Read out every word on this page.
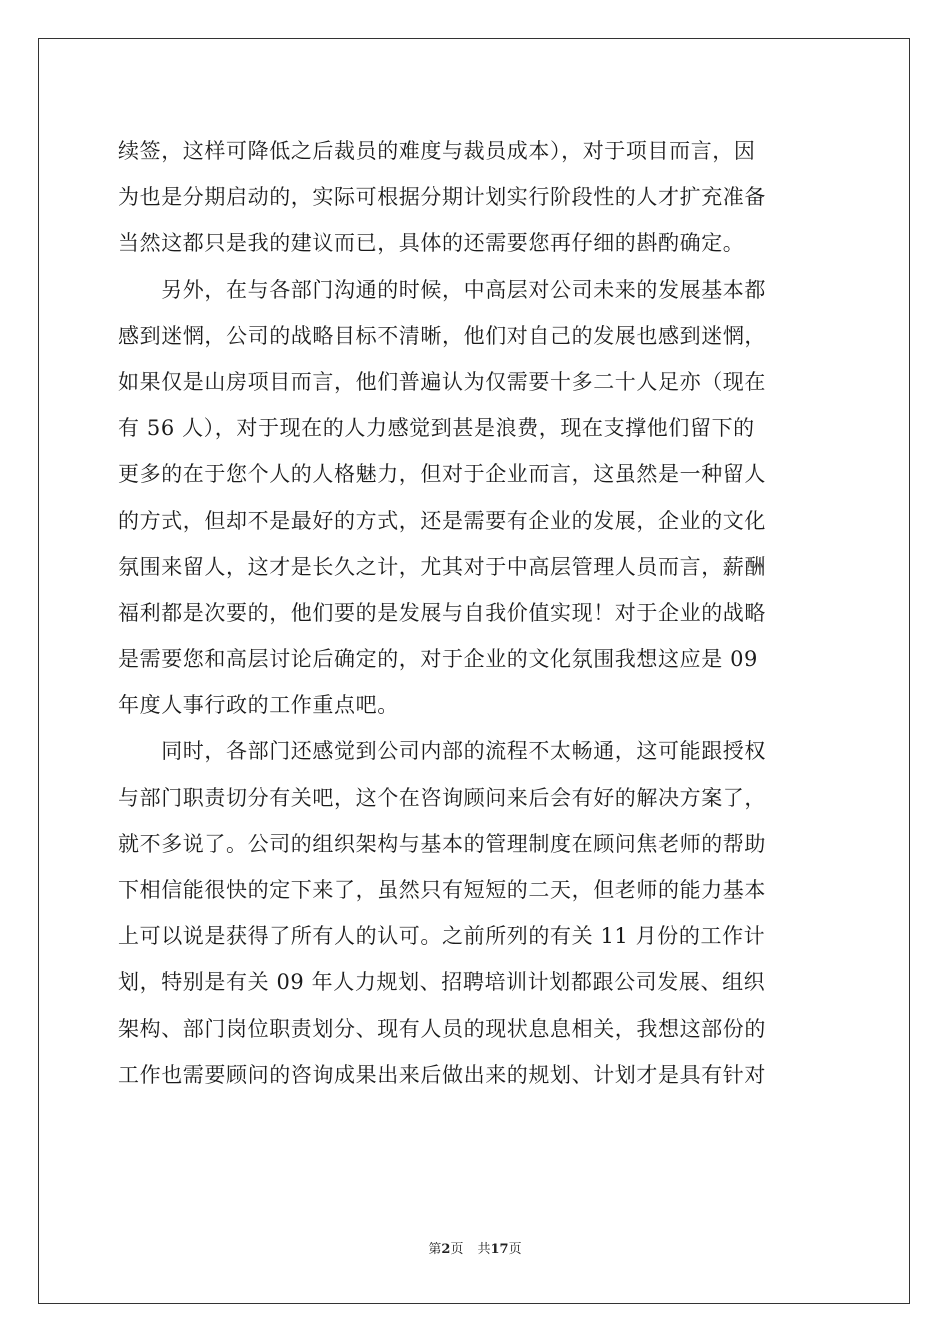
续签，这样可降低之后裁员的难度与裁员成本），对于项目而言，因
为也是分期启动的，实际可根据分期计划实行阶段性的人才扩充准备
当然这都只是我的建议而已，具体的还需要您再仔细的斟酌确定。
　　另外，在与各部门沟通的时候，中高层对公司未来的发展基本都
感到迷惘，公司的战略目标不清晰，他们对自己的发展也感到迷惘，
如果仅是山房项目而言，他们普遍认为仅需要十多二十人足亦（现在
有 56 人），对于现在的人力感觉到甚是浪费，现在支撑他们留下的
更多的在于您个人的人格魅力，但对于企业而言，这虽然是一种留人
的方式，但却不是最好的方式，还是需要有企业的发展，企业的文化
氛围来留人，这才是长久之计，尤其对于中高层管理人员而言，薪酬
福利都是次要的，他们要的是发展与自我价值实现！对于企业的战略
是需要您和高层讨论后确定的，对于企业的文化氛围我想这应是 09
年度人事行政的工作重点吧。
　　同时，各部门还感觉到公司内部的流程不太畅通，这可能跟授权
与部门职责切分有关吧，这个在咨询顾问来后会有好的解决方案了，
就不多说了。公司的组织架构与基本的管理制度在顾问焦老师的帮助
下相信能很快的定下来了，虽然只有短短的二天，但老师的能力基本
上可以说是获得了所有人的认可。之前所列的有关 11 月份的工作计
划，特别是有关 09 年人力规划、招聘培训计划都跟公司发展、组织
架构、部门岗位职责划分、现有人员的现状息息相关，我想这部份的
工作也需要顾问的咨询成果出来后做出来的规划、计划才是具有针对
第2页 共17页
